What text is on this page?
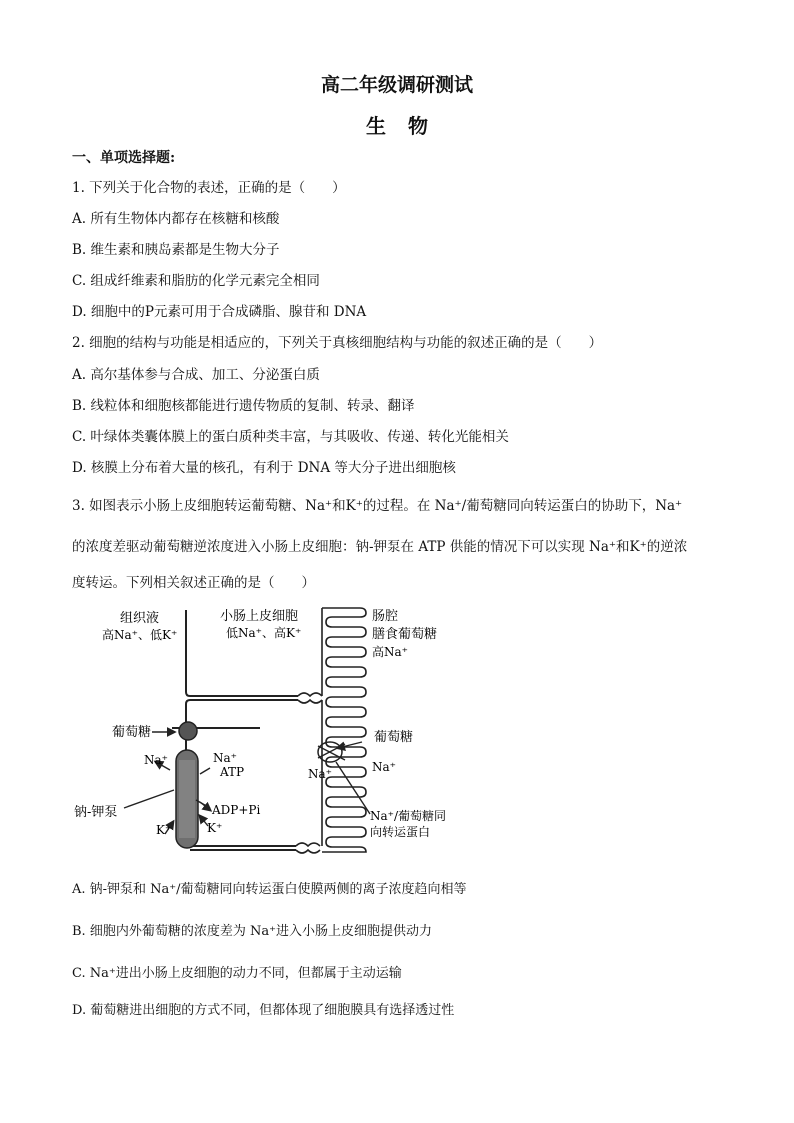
高二年级调研测试
生物
一、单项选择题:
1. 下列关于化合物的表述，正确的是（　　）
A. 所有生物体内都存在核糖和核酸
B. 维生素和胰岛素都是生物大分子
C. 组成纤维素和脂肪的化学元素完全相同
D. 细胞中的P元素可用于合成磷脂、腺苷和 DNA
2. 细胞的结构与功能是相适应的，下列关于真核细胞结构与功能的叙述正确的是（　　）
A. 高尔基体参与合成、加工、分泌蛋白质
B. 线粒体和细胞核都能进行遗传物质的复制、转录、翻译
C. 叶绿体类囊体膜上的蛋白质种类丰富，与其吸收、传递、转化光能相关
D. 核膜上分布着大量的核孔，有利于 DNA 等大分子进出细胞核
3. 如图表示小肠上皮细胞转运葡萄糖、Na⁺和K⁺的过程。在 Na⁺/葡萄糖同向转运蛋白的协助下，Na⁺
的浓度差驱动葡萄糖逆浓度进入小肠上皮细胞：钠-钾泵在 ATP 供能的情况下可以实现 Na⁺和K⁺的逆浓
度转运。下列相关叙述正确的是（　　）
组织液
高Na⁺、低K⁺
小肠上皮细胞
低Na⁺、高K⁺
肠腔
膳食葡萄糖
高Na⁺
葡萄糖
Na⁺	Na⁺
ATP
ADP+Pi
钠-钾泵
K⁺	K⁺
葡萄糖
Na⁺
Na⁺
Na⁺/葡萄糖同
向转运蛋白
A. 钠-钾泵和 Na⁺/葡萄糖同向转运蛋白使膜两侧的离子浓度趋向相等
B. 细胞内外葡萄糖的浓度差为 Na⁺进入小肠上皮细胞提供动力
C. Na⁺进出小肠上皮细胞的动力不同，但都属于主动运输
D. 葡萄糖进出细胞的方式不同，但都体现了细胞膜具有选择透过性
